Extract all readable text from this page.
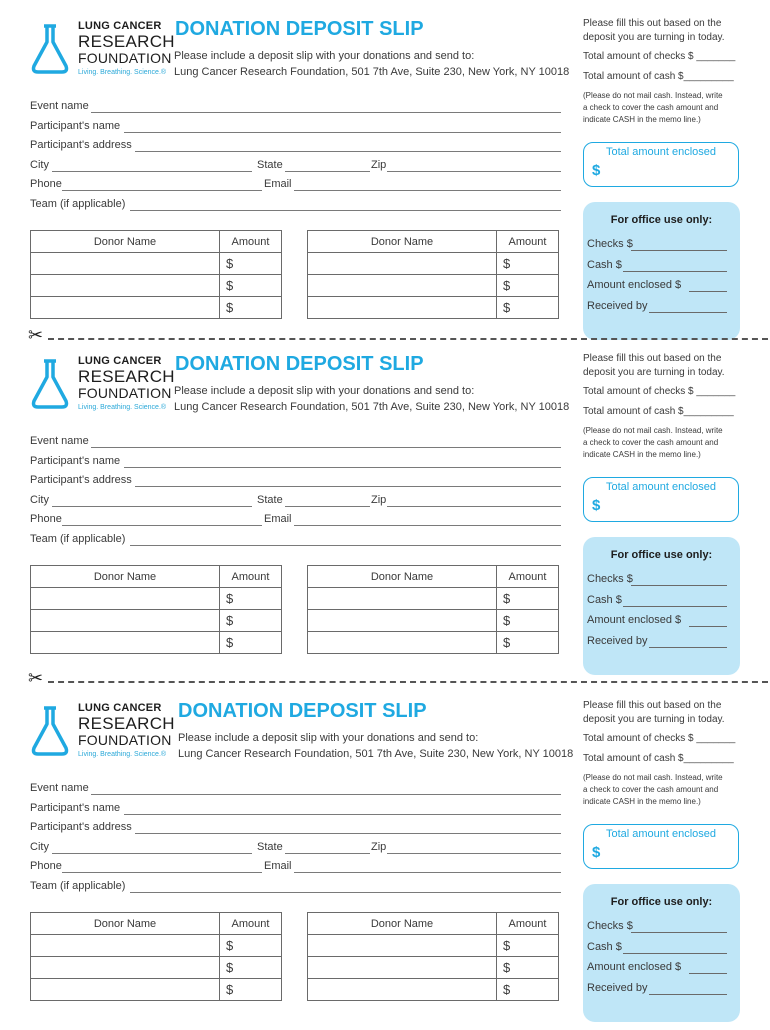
LUNG CANCER
RESEARCH
FOUNDATION
Living. Breathing. Science.®
DONATION DEPOSIT SLIP
Please include a deposit slip with your donations and send to:
Lung Cancer Research Foundation, 501 7th Ave, Suite 230, New York, NY 10018
Event name
Participant's name
Participant's address
City	State	Zip
Phone	Email
Team (if applicable)
Donor Name	Amount
	$
	$
	$
Donor Name	Amount
	$
	$
	$
Please fill this out based on the
deposit you are turning in today.
Total amount of checks $ _______
Total amount of cash $_________
(Please do not mail cash. Instead, write
a check to cover the cash amount and
indicate CASH in the memo line.)
Total amount enclosed
$
For office use only:
Checks $
Cash $
Amount enclosed $
Received by
✂
LUNG CANCER
RESEARCH
FOUNDATION
Living. Breathing. Science.®
DONATION DEPOSIT SLIP
Please include a deposit slip with your donations and send to:
Lung Cancer Research Foundation, 501 7th Ave, Suite 230, New York, NY 10018
Event name
Participant's name
Participant's address
City	State	Zip
Phone	Email
Team (if applicable)
Donor Name	Amount
	$
	$
	$
Donor Name	Amount
	$
	$
	$
Please fill this out based on the
deposit you are turning in today.
Total amount of checks $ _______
Total amount of cash $_________
(Please do not mail cash. Instead, write
a check to cover the cash amount and
indicate CASH in the memo line.)
Total amount enclosed
$
For office use only:
Checks $
Cash $
Amount enclosed $
Received by
✂
LUNG CANCER
RESEARCH
FOUNDATION
Living. Breathing. Science.®
DONATION DEPOSIT SLIP
Please include a deposit slip with your donations and send to:
Lung Cancer Research Foundation, 501 7th Ave, Suite 230, New York, NY 10018
Event name
Participant's name
Participant's address
City	State	Zip
Phone	Email
Team (if applicable)
Donor Name	Amount
	$
	$
	$
Donor Name	Amount
	$
	$
	$
Please fill this out based on the
deposit you are turning in today.
Total amount of checks $ _______
Total amount of cash $_________
(Please do not mail cash. Instead, write
a check to cover the cash amount and
indicate CASH in the memo line.)
Total amount enclosed
$
For office use only:
Checks $
Cash $
Amount enclosed $
Received by
